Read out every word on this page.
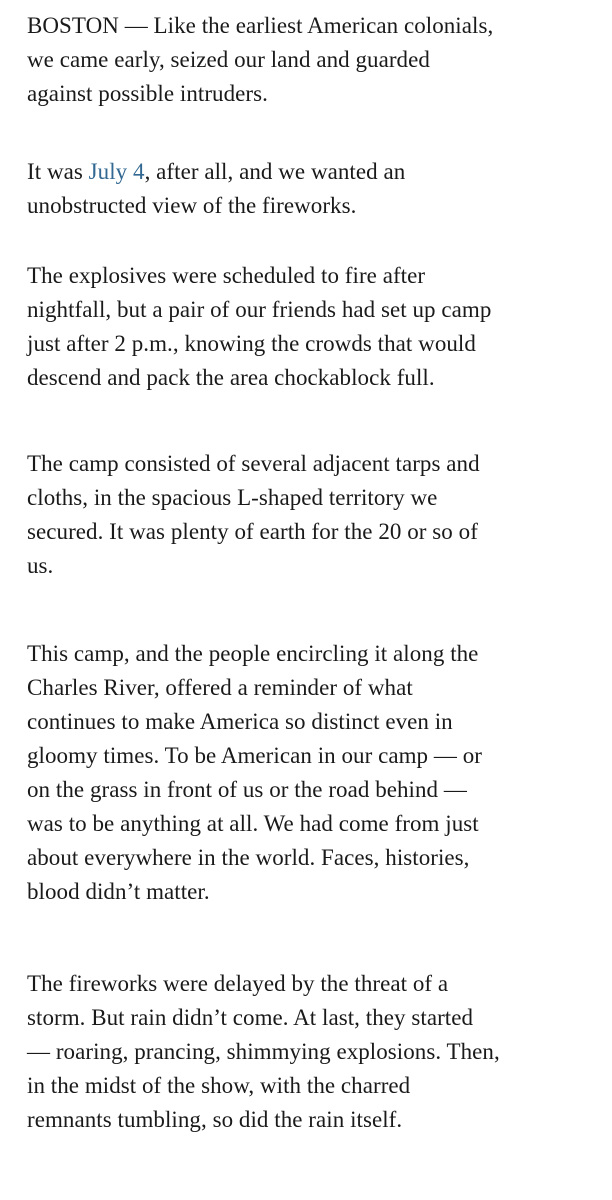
BOSTON — Like the earliest American colonials,
we came early, seized our land and guarded
against possible intruders.

It was July 4, after all, and we wanted an
unobstructed view of the fireworks.

The explosives were scheduled to fire after
nightfall, but a pair of our friends had set up camp
just after 2 p.m., knowing the crowds that would
descend and pack the area chockablock full.

The camp consisted of several adjacent tarps and
cloths, in the spacious L-shaped territory we
secured. It was plenty of earth for the 20 or so of
us.

This camp, and the people encircling it along the
Charles River, offered a reminder of what
continues to make America so distinct even in
gloomy times. To be American in our camp — or
on the grass in front of us or the road behind —
was to be anything at all. We had come from just
about everywhere in the world. Faces, histories,
blood didn’t matter.

The fireworks were delayed by the threat of a
storm. But rain didn’t come. At last, they started
— roaring, prancing, shimmying explosions. Then,
in the midst of the show, with the charred
remnants tumbling, so did the rain itself.
